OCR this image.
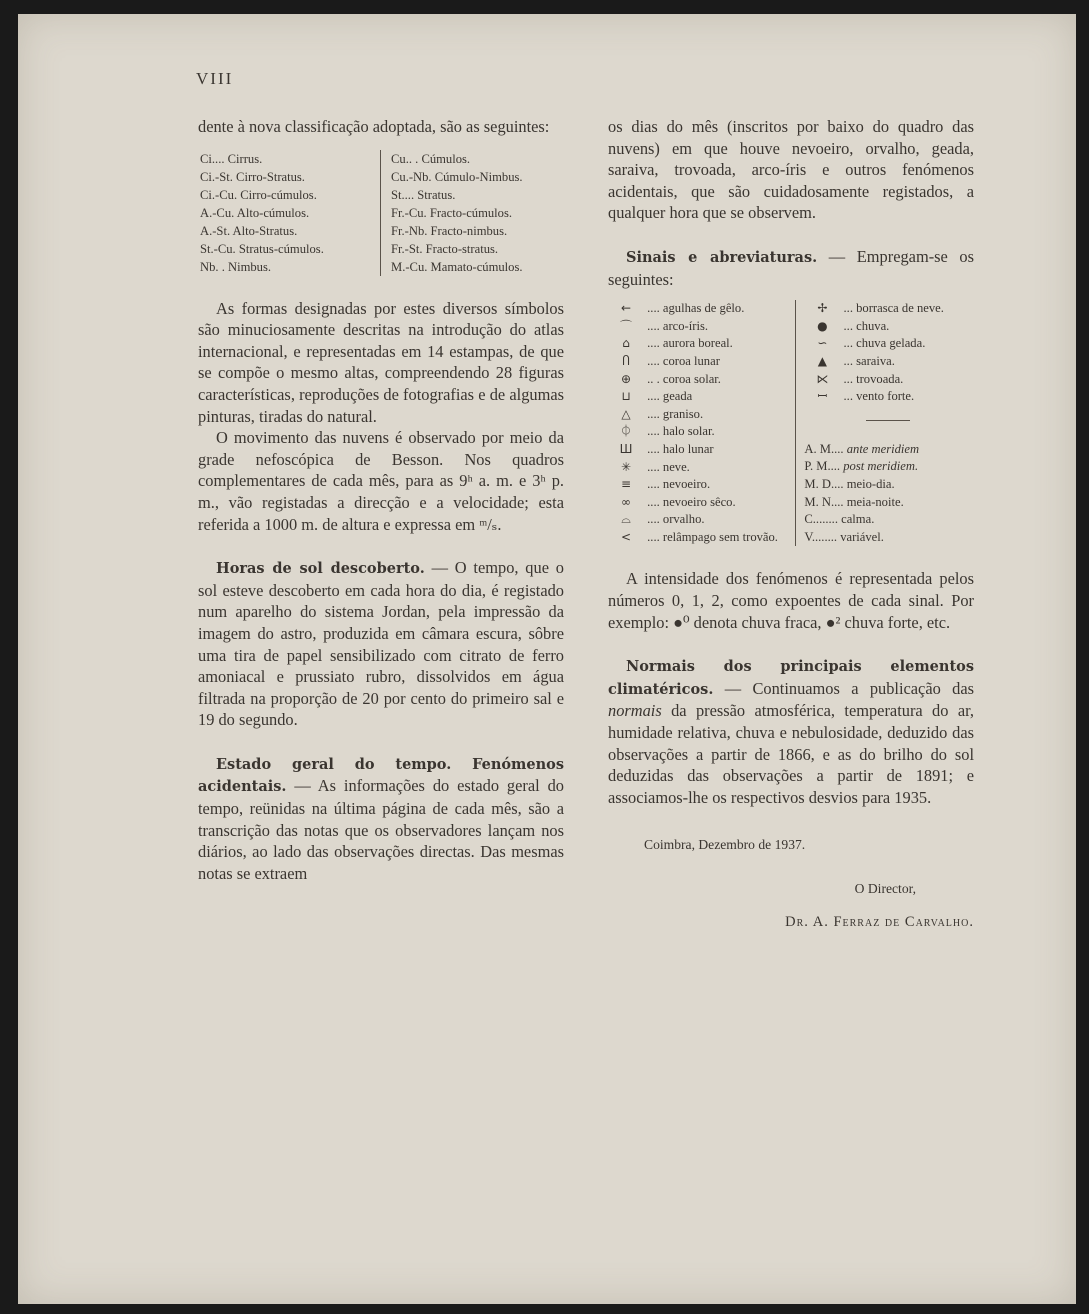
VIII

dente à nova classificação adoptada, são as seguintes:

Ci.... Cirrus.
Ci.-St. Cirro-Stratus.
Ci.-Cu. Cirro-cúmulos.
A.-Cu. Alto-cúmulos.
A.-St. Alto-Stratus.
St.-Cu. Stratus-cúmulos.
Nb. . Nimbus.
Cu.. . Cúmulos.
Cu.-Nb. Cúmulo-Nimbus.
St.... Stratus.
Fr.-Cu. Fracto-cúmulos.
Fr.-Nb. Fracto-nimbus.
Fr.-St. Fracto-stratus.
M.-Cu. Mamato-cúmulos.

As formas designadas por estes diversos símbolos são minuciosamente descritas na introdução do atlas internacional, e representadas em 14 estampas, de que se compõe o mesmo altas, compreendendo 28 figuras características, reproduções de fotografias e de algumas pinturas, tiradas do natural.

O movimento das nuvens é observado por meio da grade nefoscópica de Besson. Nos quadros complementares de cada mês, para as 9ʰ a. m. e 3ʰ p. m., vão registadas a direcção e a velocidade; esta referida a 1000 m. de altura e expressa em ᵐ/ₛ.

Horas de sol descoberto. — O tempo, que o sol esteve descoberto em cada hora do dia, é registado num aparelho do sistema Jordan, pela impressão da imagem do astro, produzida em câmara escura, sôbre uma tira de papel sensibilizado com citrato de ferro amoniacal e prussiato rubro, dissolvidos em água filtrada na proporção de 20 por cento do primeiro sal e 19 do segundo.

Estado geral do tempo. Fenómenos acidentais. — As informações do estado geral do tempo, reünidas na última página de cada mês, são a transcrição das notas que os observadores lançam nos diários, ao lado das observações directas. Das mesmas notas se extraem

os dias do mês (inscritos por baixo do quadro das nuvens) em que houve nevoeiro, orvalho, geada, saraiva, trovoada, arco-íris e outros fenómenos acidentais, que são cuidadosamente registados, a qualquer hora que se observem.

Sinais e abreviaturas. — Empregam-se os seguintes:

← .... agulhas de gêlo.
⌒ .... arco-íris.
⌂ .... aurora boreal.
Ⴖ .... coroa lunar
⊕ .. . coroa solar.
⊔ .... geada
△ .... graniso.
⏀ .... halo solar.
Ш .... halo lunar
✳ .... neve.
≡ .... nevoeiro.
∞ .... nevoeiro sêco.
⌓ .... orvalho.
< .... relâmpago sem trovão.
✢ ... borrasca de neve.
● ... chuva.
∽ ... chuva gelada.
▲ ... saraiva.
⋉ ... trovoada.
ꟷ ... vento forte.
A. M.... ante meridiem
P. M.... post meridiem.
M. D.... meio-dia.
M. N.... meia-noite.
C........ calma.
V........ variável.

A intensidade dos fenómenos é representada pelos números 0, 1, 2, como expoentes de cada sinal. Por exemplo: ●⁰ denota chuva fraca, ●² chuva forte, etc.

Normais dos principais elementos climatéricos. — Continuamos a publicação das normais da pressão atmosférica, temperatura do ar, humidade relativa, chuva e nebulosidade, deduzido das observações a partir de 1866, e as do brilho do sol deduzidas das observações a partir de 1891; e associamos-lhe os respectivos desvios para 1935.

Coimbra, Dezembro de 1937.
O Director,
Dr. A. Ferraz de Carvalho.
